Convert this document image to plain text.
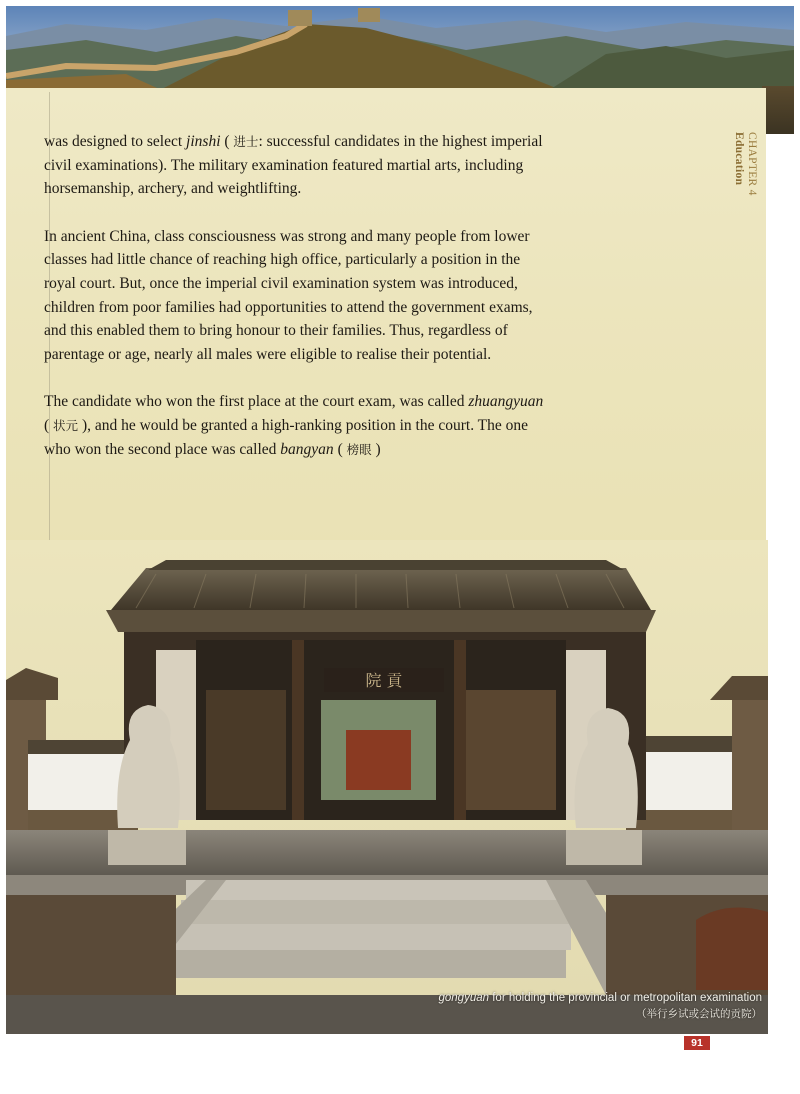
CHAPTER 4
Education

was designed to select jinshi ( 进士: successful candidates in the highest imperial civil examinations). The military examination featured martial arts, including horsemanship, archery, and weightlifting.

In ancient China, class consciousness was strong and many people from lower classes had little chance of reaching high office, particularly a position in the royal court. But, once the imperial civil examination system was introduced, children from poor families had opportunities to attend the government exams, and this enabled them to bring honour to their families. Thus, regardless of parentage or age, nearly all males were eligible to realise their potential.

The candidate who won the first place at the court exam, was called zhuangyuan ( 状元 ), and he would be granted a high-ranking position in the court. The one who won the second place was called bangyan ( 榜眼 )

院 貢
gongyuan for holding the provincial or metropolitan examination
（举行乡试或会试的贡院）
91
